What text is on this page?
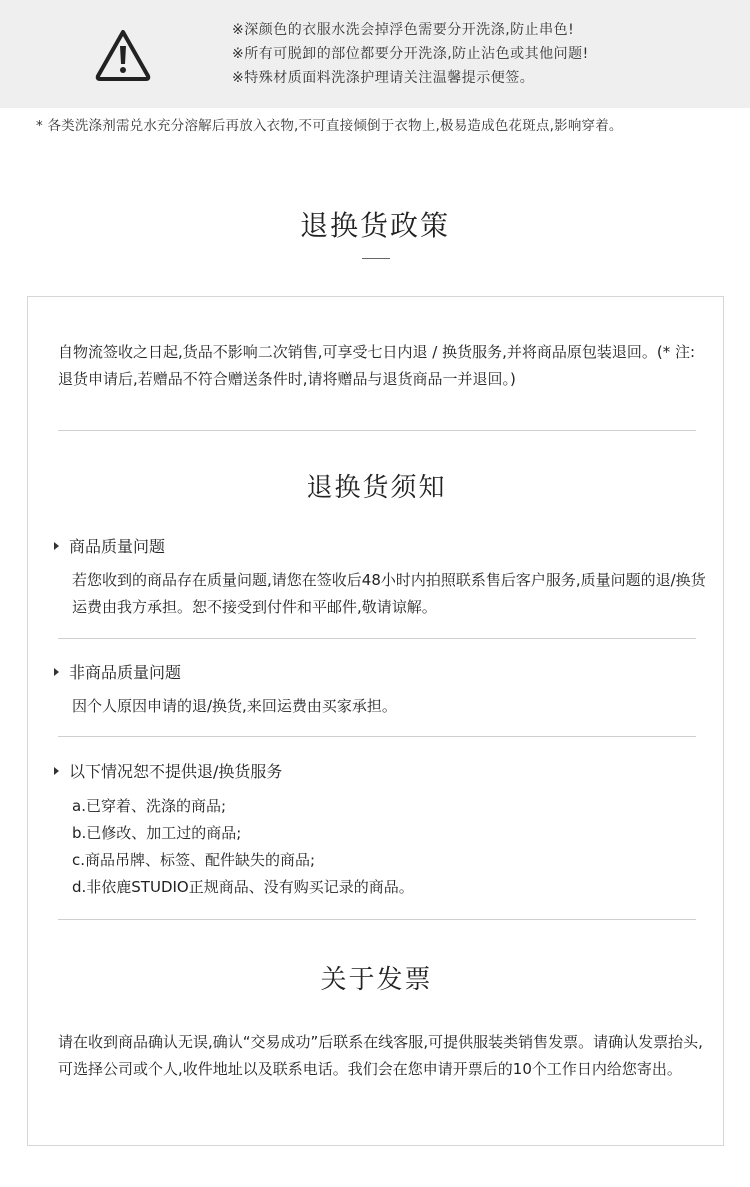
※深颜色的衣服水洗会掉浮色需要分开洗涤,防止串色!
※所有可脱卸的部位都要分开洗涤,防止沾色或其他问题!
※特殊材质面料洗涤护理请关注温馨提示便签。
* 各类洗涤剂需兑水充分溶解后再放入衣物,不可直接倾倒于衣物上,极易造成色花斑点,影响穿着。
退换货政策
自物流签收之日起,货品不影响二次销售,可享受七日内退 / 换货服务,并将商品原包装退回。(* 注:退货申请后,若赠品不符合赠送条件时,请将赠品与退货商品一并退回。)
退换货须知
商品质量问题
若您收到的商品存在质量问题,请您在签收后48小时内拍照联系售后客户服务,质量问题的退/换货运费由我方承担。恕不接受到付件和平邮件,敬请谅解。
非商品质量问题
因个人原因申请的退/换货,来回运费由买家承担。
以下情况恕不提供退/换货服务
a.已穿着、洗涤的商品;
b.已修改、加工过的商品;
c.商品吊牌、标签、配件缺失的商品;
d.非依鹿STUDIO正规商品、没有购买记录的商品。
关于发票
请在收到商品确认无误,确认“交易成功”后联系在线客服,可提供服装类销售发票。请确认发票抬头,可选择公司或个人,收件地址以及联系电话。我们会在您申请开票后的10个工作日内给您寄出。
